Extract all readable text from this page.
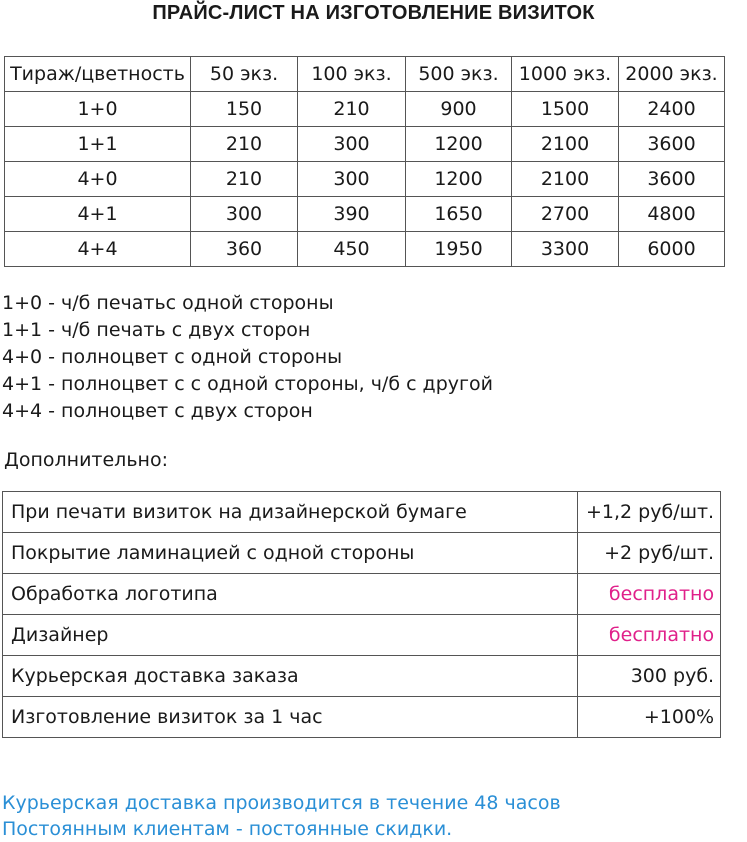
ПРАЙС-ЛИСТ НА ИЗГОТОВЛЕНИЕ ВИЗИТОК
Тираж/цветность	50 экз.	100 экз.	500 экз.	1000 экз.	2000 экз.
1+0	150	210	900	1500	2400
1+1	210	300	1200	2100	3600
4+0	210	300	1200	2100	3600
4+1	300	390	1650	2700	4800
4+4	360	450	1950	3300	6000
1+0 - ч/б печатьс одной стороны
1+1 - ч/б печать с двух сторон
4+0 - полноцвет с одной стороны
4+1 - полноцвет с с одной стороны, ч/б с другой
4+4 - полноцвет с двух сторон
Дополнительно:
При печати визиток на дизайнерской бумаге	+1,2 руб/шт.
Покрытие ламинацией с одной стороны	+2 руб/шт.
Обработка логотипа	бесплатно
Дизайнер	бесплатно
Курьерская доставка заказа	300 руб.
Изготовление визиток за 1 час	+100%
Курьерская доставка производится в течение 48 часов
Постоянным клиентам - постоянные скидки.
